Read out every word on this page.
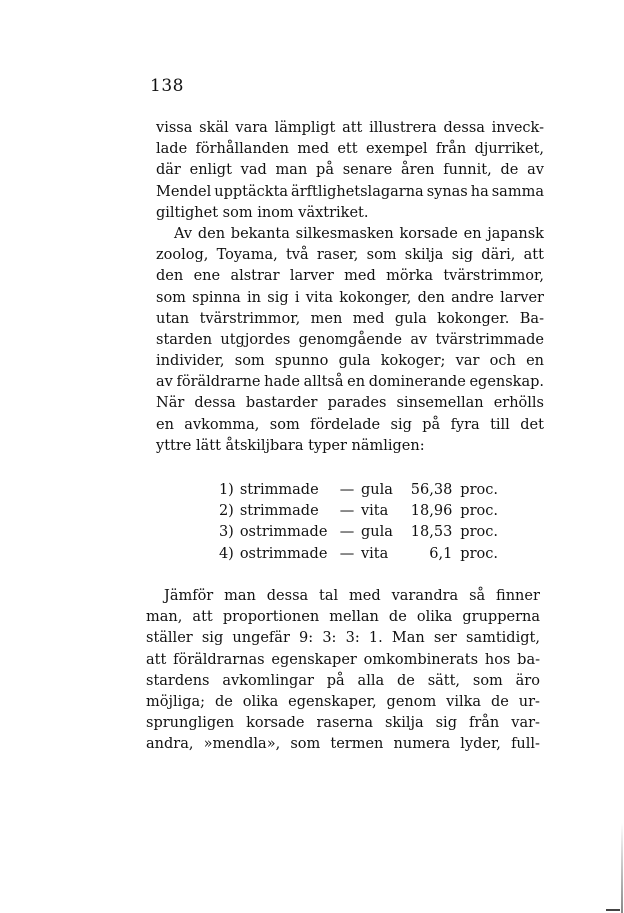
138
vissa skäl vara lämpligt att illustrera dessa inveck-
lade förhållanden med ett exempel från djurriket,
där enligt vad man på senare åren funnit, de av
Mendel upptäckta ärftlighetslagarna synas ha samma
giltighet som inom växtriket.
Av den bekanta silkesmasken korsade en japansk
zoolog, Toyama, två raser, som skilja sig däri, att
den ene alstrar larver med mörka tvärstrimmor,
som spinna in sig i vita kokonger, den andre larver
utan tvärstrimmor, men med gula kokonger. Ba-
starden utgjordes genomgående av tvärstrimmade
individer, som spunno gula kokoger; var och en
av föräldrarne hade alltså en dominerande egenskap.
När dessa bastarder parades sinsemellan erhölls
en avkomma, som fördelade sig på fyra till det
yttre lätt åtskiljbara typer nämligen:
1) strimmade	— gula	56,38 proc.
2) strimmade	— vita	18,96 proc.
3) ostrimmade — gula	18,53 proc.
4) ostrimmade — vita	6,1 proc.
Jämför man dessa tal med varandra så finner
man, att proportionen mellan de olika grupperna
ställer sig ungefär 9: 3: 3: 1. Man ser samtidigt,
att föräldrarnas egenskaper omkombinerats hos ba-
stardens avkomlingar på alla de sätt, som äro
möjliga; de olika egenskaper, genom vilka de ur-
sprungligen korsade raserna skilja sig från var-
andra, »mendla», som termen numera lyder, full-
